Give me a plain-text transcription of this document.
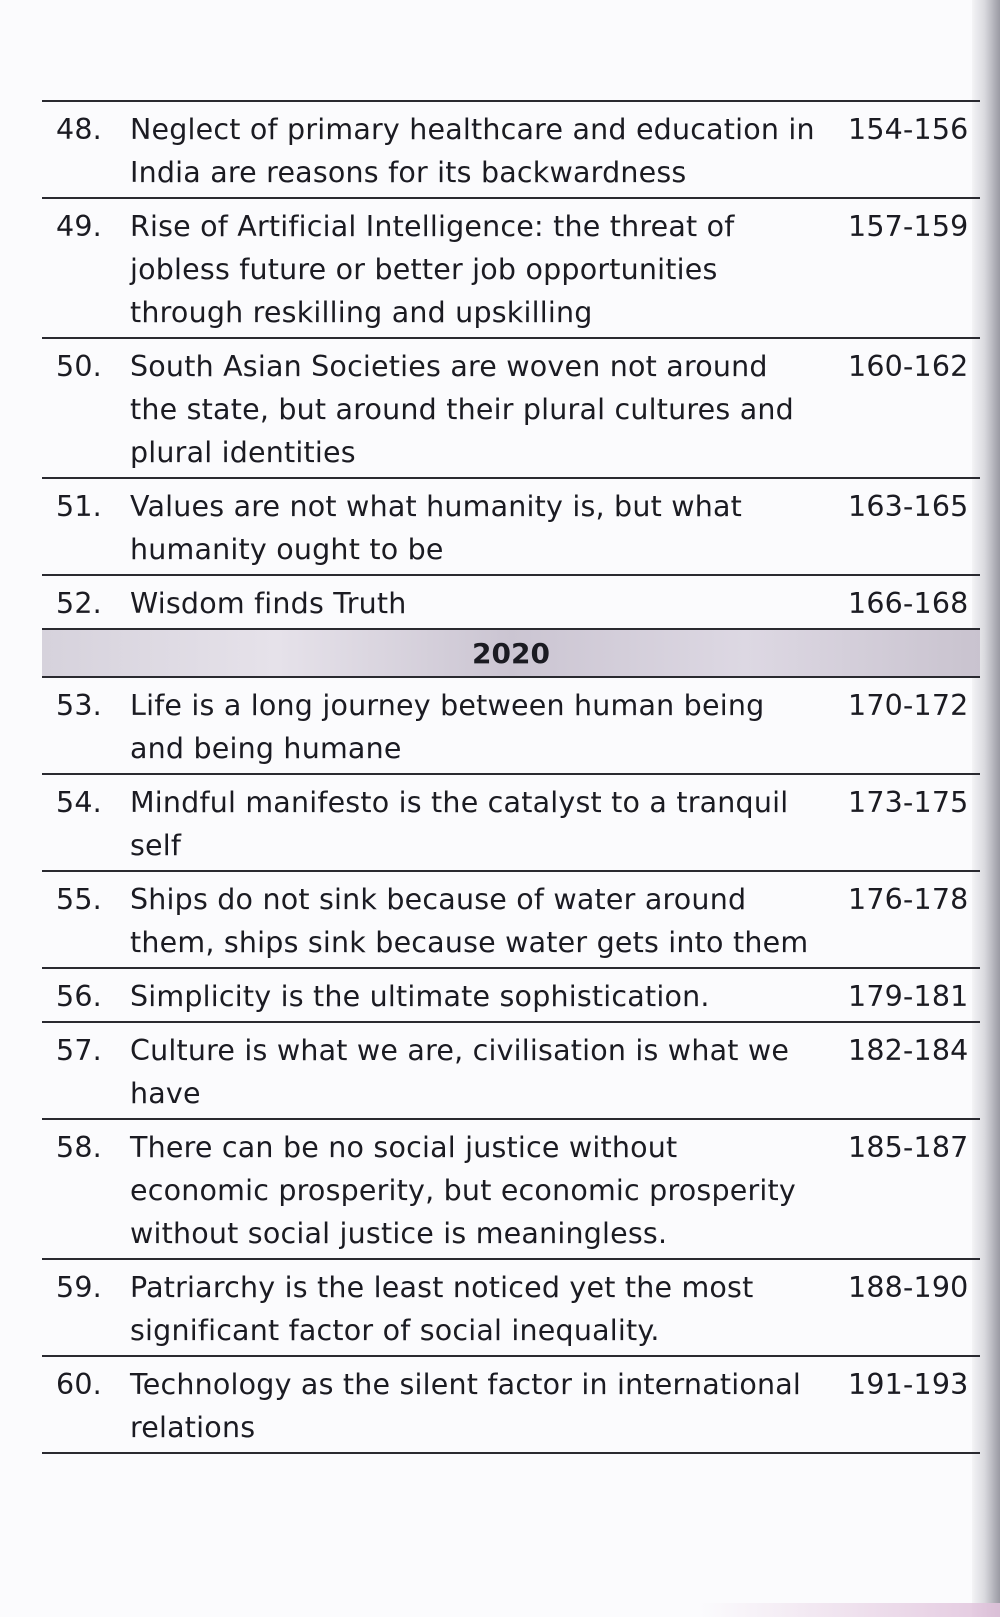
48. Neglect of primary healthcare and education in India are reasons for its backwardness
154-156
49. Rise of Artificial Intelligence: the threat of jobless future or better job opportunities through reskilling and upskilling
157-159
50. South Asian Societies are woven not around the state, but around their plural cultures and plural identities
160-162
51. Values are not what humanity is, but what humanity ought to be
163-165
52. Wisdom finds Truth	166-168
2020
53. Life is a long journey between human being and being humane
170-172
54. Mindful manifesto is the catalyst to a tranquil self
173-175
55. Ships do not sink because of water around them, ships sink because water gets into them
176-178
56. Simplicity is the ultimate sophistication.	179-181
57. Culture is what we are, civilisation is what we have
182-184
58. There can be no social justice without economic prosperity, but economic prosperity without social justice is meaningless.
185-187
59. Patriarchy is the least noticed yet the most significant factor of social inequality.
188-190
60. Technology as the silent factor in international relations
191-193
